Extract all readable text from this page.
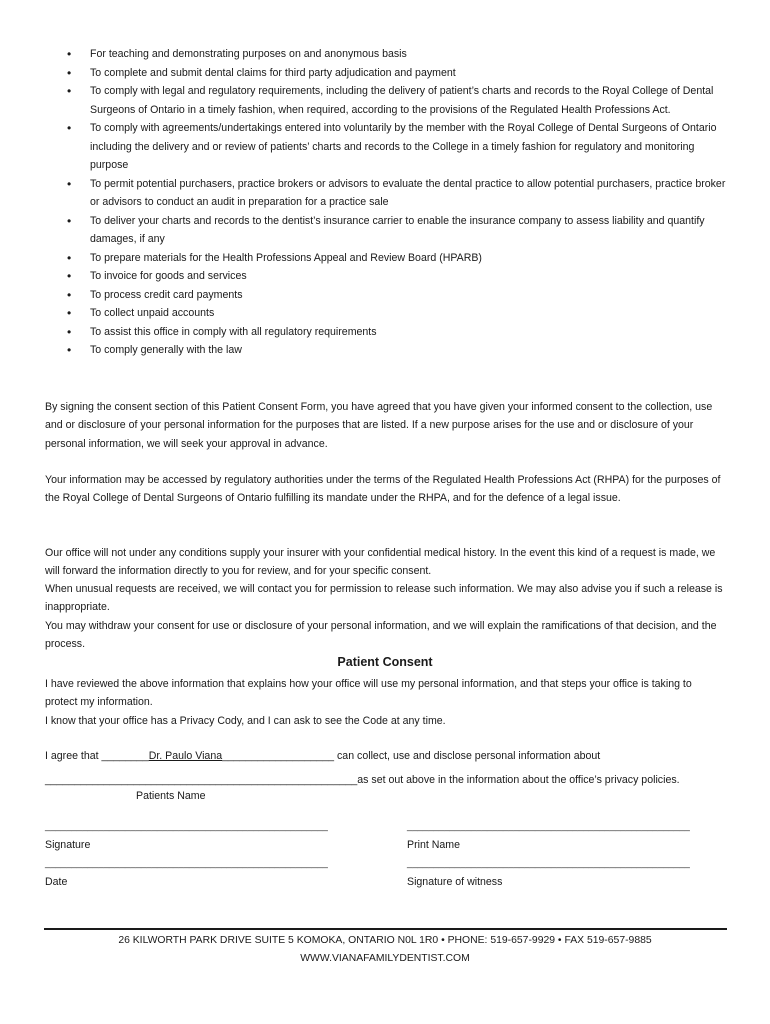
• For teaching and demonstrating purposes on and anonymous basis
• To complete and submit dental claims for third party adjudication and payment
• To comply with legal and regulatory requirements, including the delivery of patient’s charts and records to the Royal College of Dental Surgeons of Ontario in a timely fashion, when required, according to the provisions of the Regulated Health Professions Act.
• To comply with agreements/undertakings entered into voluntarily by the member with the Royal College of Dental Surgeons of Ontario including the delivery and or review of patients’ charts and records to the College in a timely fashion for regulatory and monitoring purpose
• To permit potential purchasers, practice brokers or advisors to evaluate the dental practice to allow potential purchasers, practice broker or advisors to conduct an audit in preparation for a practice sale
• To deliver your charts and records to the dentist’s insurance carrier to enable the insurance company to assess liability and quantify damages, if any
• To prepare materials for the Health Professions Appeal and Review Board (HPARB)
• To invoice for goods and services
• To process credit card payments
• To collect unpaid accounts
• To assist this office in comply with all regulatory requirements
• To comply generally with the law

By signing the consent section of this Patient Consent Form, you have agreed that you have given your informed consent to the collection, use and or disclosure of your personal information for the purposes that are listed. If a new purpose arises for the use and or disclosure of your personal information, we will seek your approval in advance.

Your information may be accessed by regulatory authorities under the terms of the Regulated Health Professions Act (RHPA) for the purposes of the Royal College of Dental Surgeons of Ontario fulfilling its mandate under the RHPA, and for the defence of a legal issue.

Our office will not under any conditions supply your insurer with your confidential medical history. In the event this kind of a request is made, we will forward the information directly to you for review, and for your specific consent.

When unusual requests are received, we will contact you for permission to release such information. We may also advise you if such a release is inappropriate.

You may withdraw your consent for use or disclosure of your personal information, and we will explain the ramifications of that decision, and the process.

Patient Consent

I have reviewed the above information that explains how your office will use my personal information, and that steps your office is taking to protect my information.

I know that your office has a Privacy Cody, and I can ask to see the Code at any time.

I agree that ________Dr. Paulo Viana___________________ can collect, use and disclose personal information about
_____________________________________________________as set out above in the information about the office’s privacy policies.
Patients Name
_____________________________________________________
Signature
_____________________________________________________
Print Name
_____________________________________________________
Date
_____________________________________________________
Signature of witness
26 KILWORTH PARK DRIVE SUITE 5 KOMOKA, ONTARIO N0L 1R0 • PHONE: 519-657-9929 • FAX 519-657-9885
WWW.VIANAFAMILYDENTIST.COM
